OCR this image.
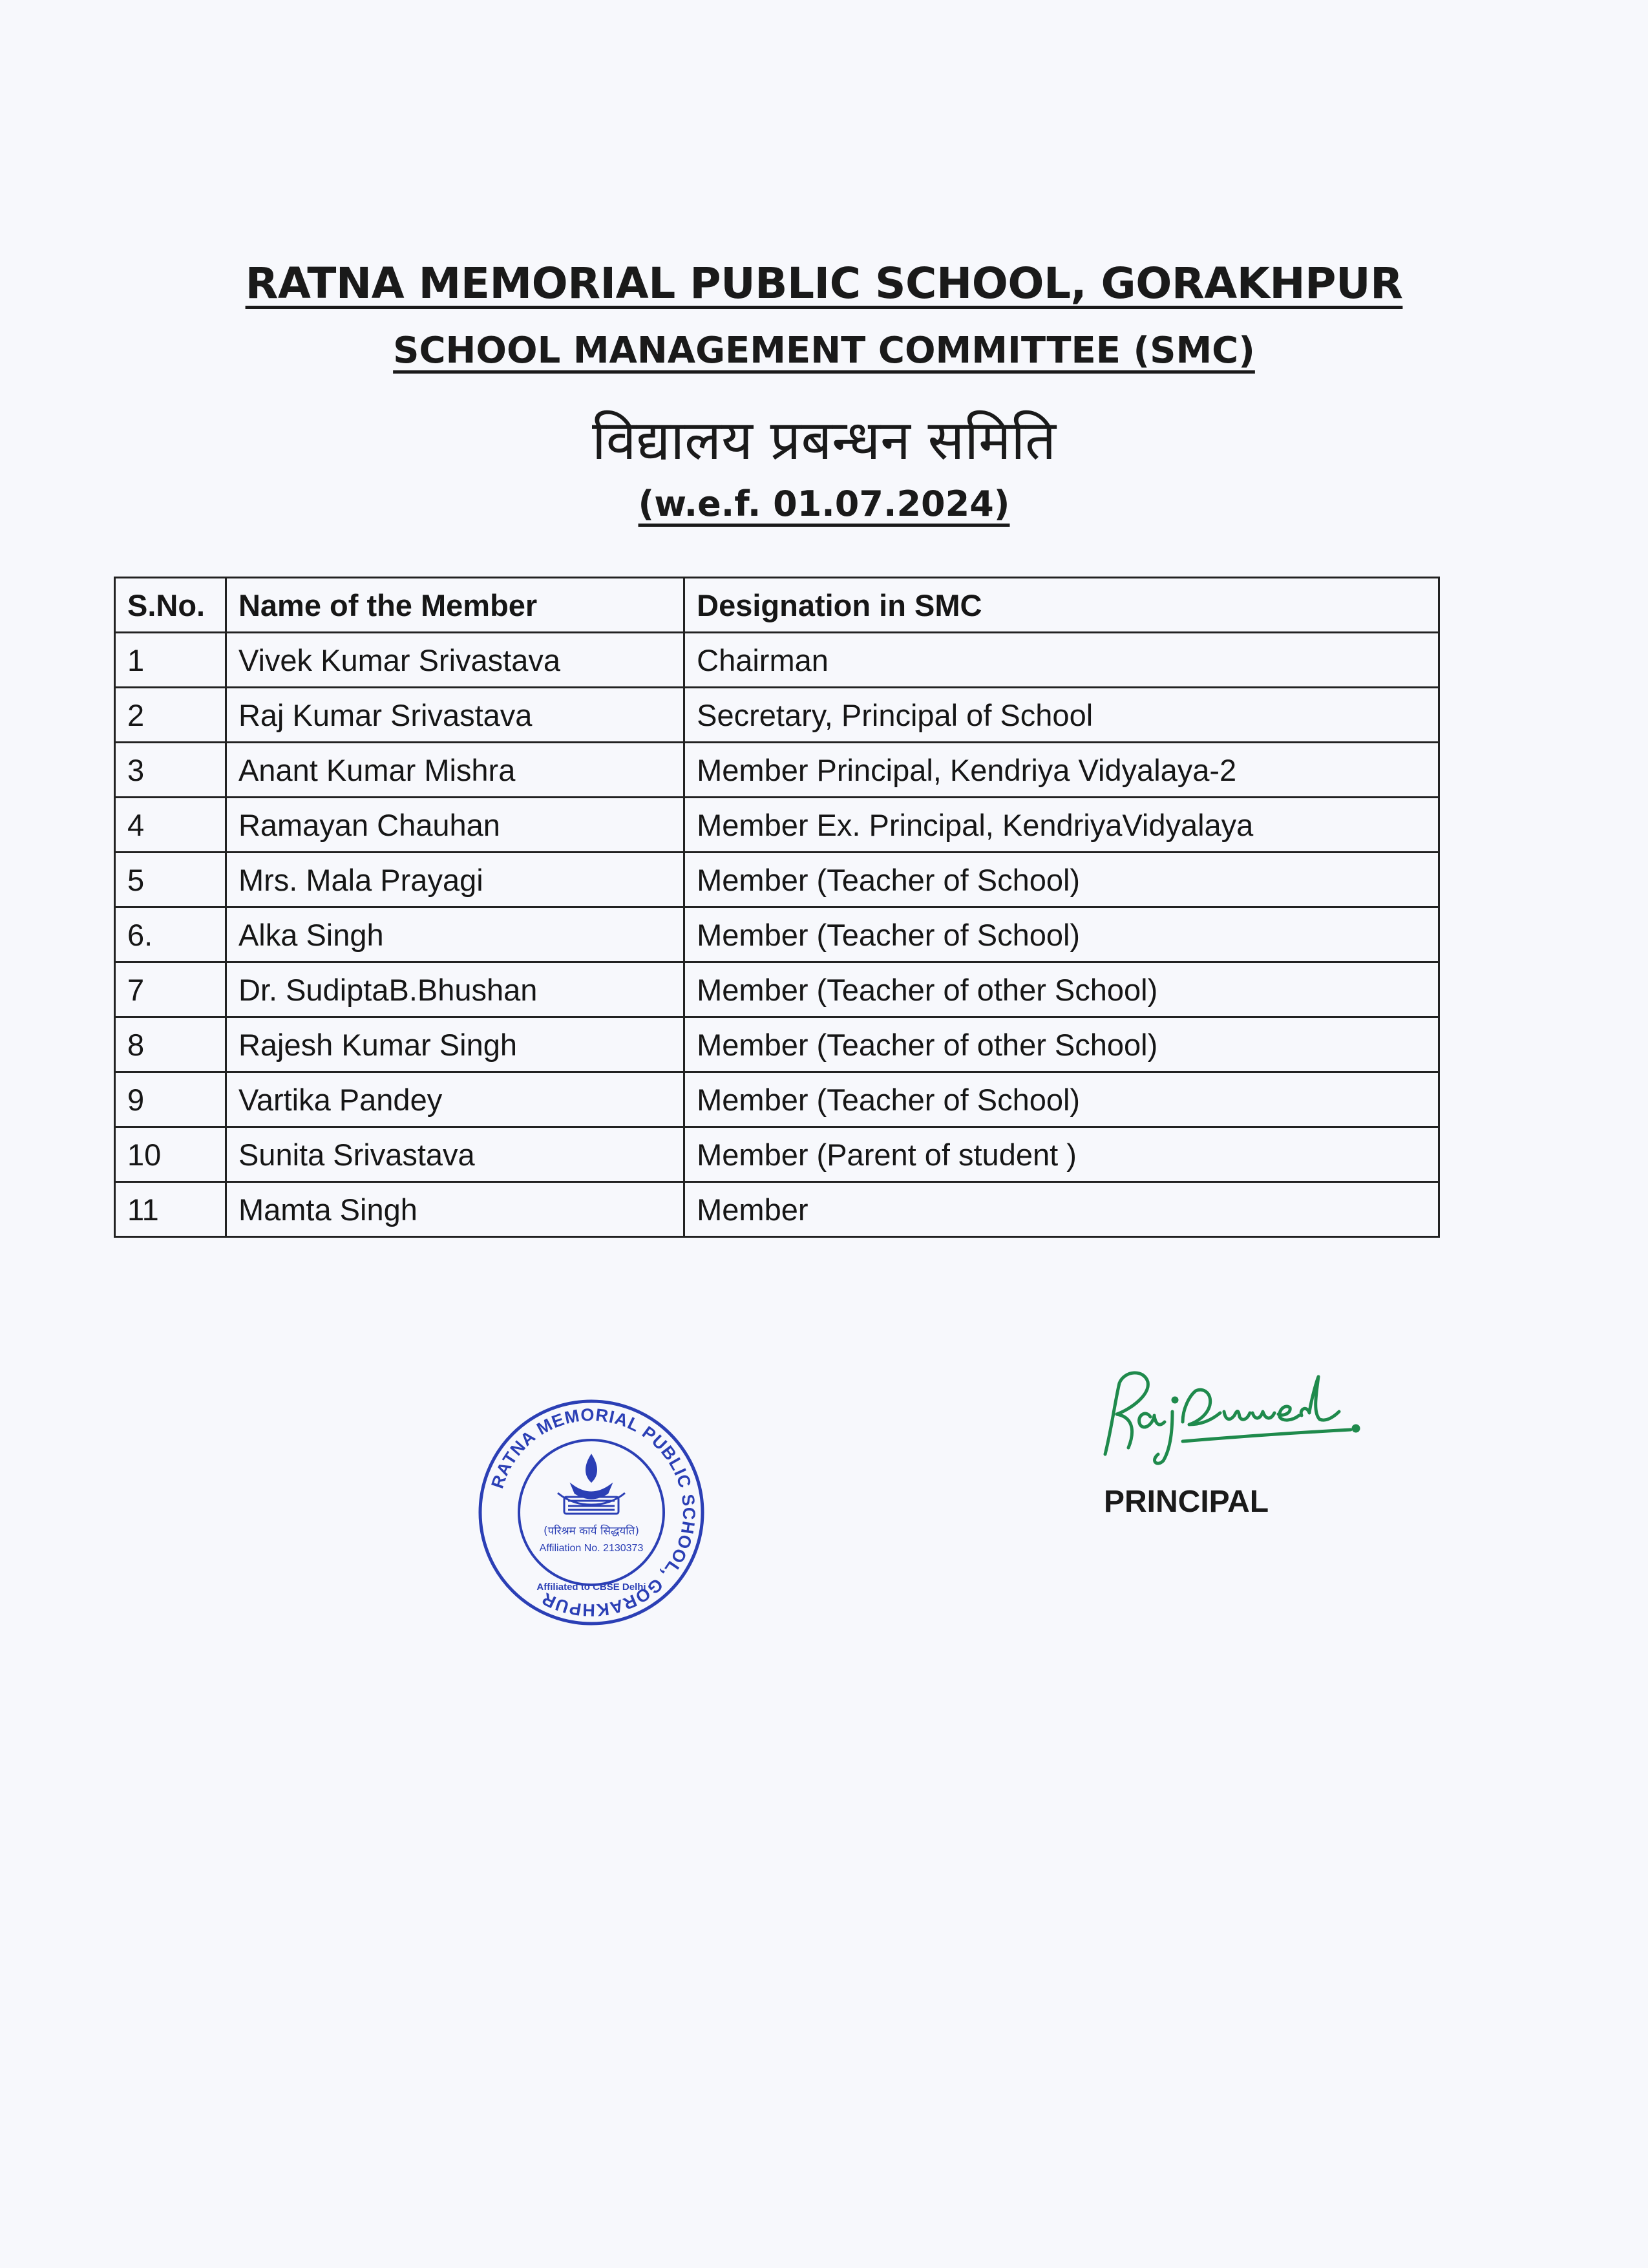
RATNA MEMORIAL PUBLIC SCHOOL, GORAKHPUR
SCHOOL MANAGEMENT COMMITTEE (SMC)
विद्यालय प्रबन्धन समिति
(w.e.f. 01.07.2024)
S.No.	Name of the Member	Designation in SMC
1	Vivek Kumar Srivastava	Chairman
2	Raj Kumar Srivastava	Secretary, Principal of School
3	Anant Kumar Mishra	Member Principal, Kendriya Vidyalaya-2
4	Ramayan Chauhan	Member Ex. Principal, KendriyaVidyalaya
5	Mrs. Mala Prayagi	Member (Teacher of School)
6.	Alka Singh	Member (Teacher of School)
7	Dr. SudiptaB.Bhushan	Member (Teacher of other School)
8	Rajesh Kumar Singh	Member (Teacher of other School)
9	Vartika Pandey	Member (Teacher of School)
10	Sunita Srivastava	Member (Parent of student )
11	Mamta Singh	Member
RATNA MEMORIAL PUBLIC SCHOOL, GORAKHPUR
(परिश्रम कार्य सिद्धयति)
Affiliation No. 2130373
Affiliated to CBSE Delhi
PRINCIPAL
